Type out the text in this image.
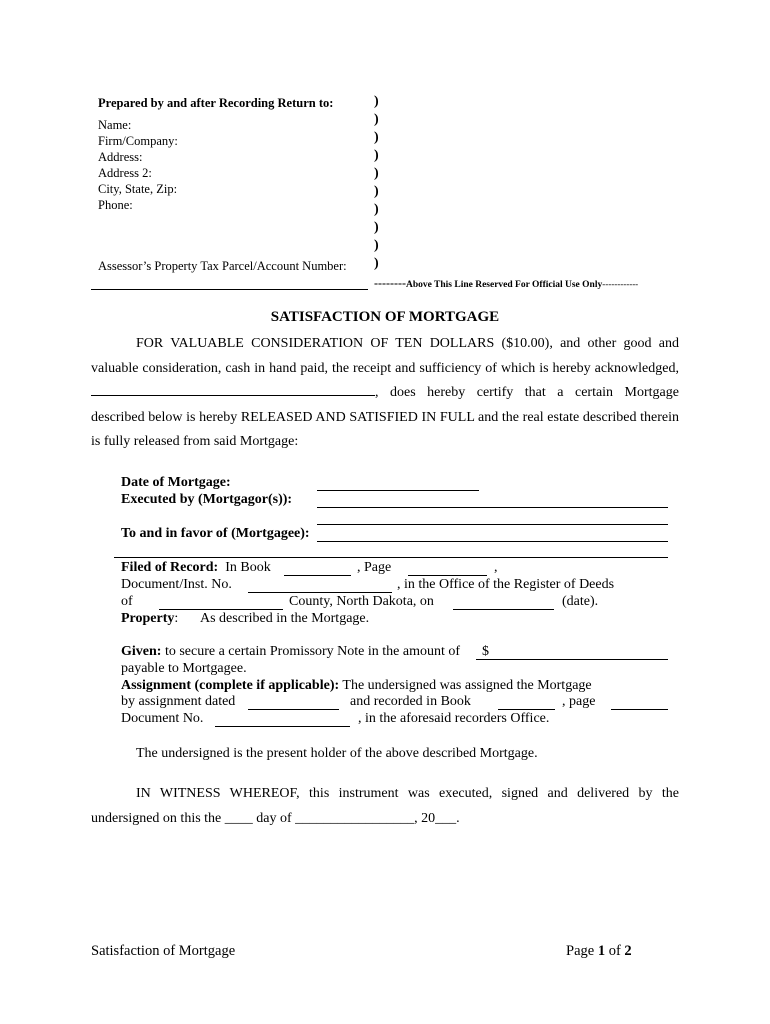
Prepared by and after Recording Return to:
Name:
Firm/Company:
Address:
Address 2:
City, State, Zip:
Phone:
Assessor’s Property Tax Parcel/Account Number:
)
)
)
)
)
)
)
)
)
)
--------Above This Line Reserved For Official Use Only------------
SATISFACTION OF MORTGAGE
FOR VALUABLE CONSIDERATION OF TEN DOLLARS ($10.00), and other good and valuable consideration, cash in hand paid, the receipt and sufficiency of which is hereby acknowledged, , does hereby certify that a certain Mortgage described below is hereby RELEASED AND SATISFIED IN FULL and the real estate described therein is fully released from said Mortgage:
Date of Mortgage:
Executed by (Mortgagor(s)):
To and in favor of (Mortgagee):
Filed of Record: In Book	, Page	,
Document/Inst. No.	, in the Office of the Register of Deeds
of	County, North Dakota, on	(date).
Property: As described in the Mortgage.
Given: to secure a certain Promissory Note in the amount of $
payable to Mortgagee.
Assignment (complete if applicable): The undersigned was assigned the Mortgage
by assignment dated	and recorded in Book	, page
Document No.	, in the aforesaid recorders Office.
The undersigned is the present holder of the above described Mortgage.
IN WITNESS WHEREOF, this instrument was executed, signed and delivered by the undersigned on this the ____ day of _________________, 20___.
Satisfaction of Mortgage	Page 1 of 2
